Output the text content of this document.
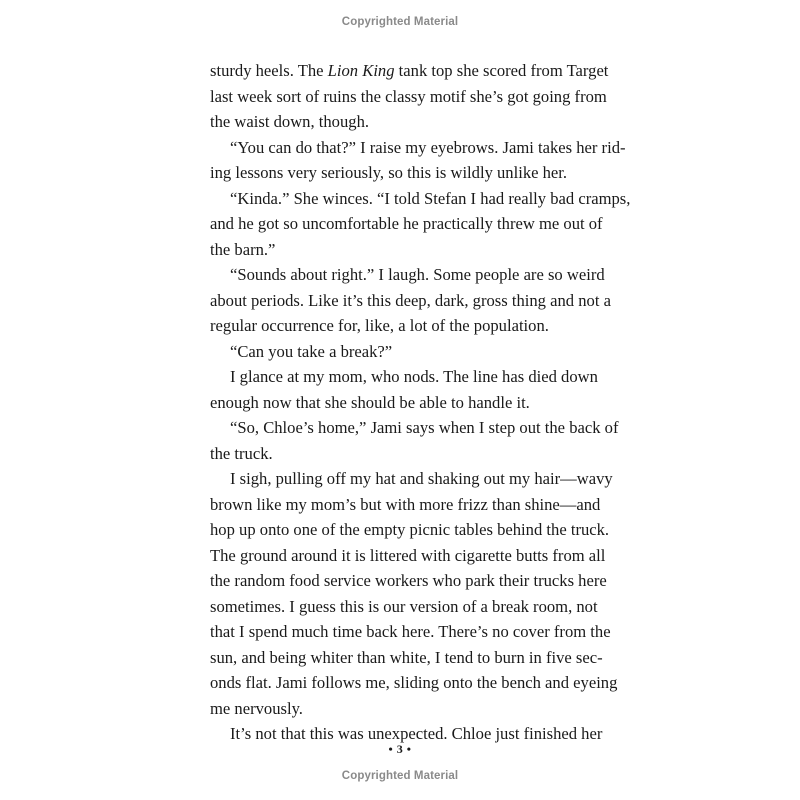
Copyrighted Material
sturdy heels. The Lion King tank top she scored from Target
last week sort of ruins the classy motif she’s got going from
the waist down, though.
“You can do that?” I raise my eyebrows. Jami takes her rid-
ing lessons very seriously, so this is wildly unlike her.
“Kinda.” She winces. “I told Stefan I had really bad cramps,
and he got so uncomfortable he practically threw me out of
the barn.”
“Sounds about right.” I laugh. Some people are so weird
about periods. Like it’s this deep, dark, gross thing and not a
regular occurrence for, like, a lot of the population.
“Can you take a break?”
I glance at my mom, who nods. The line has died down
enough now that she should be able to handle it.
“So, Chloe’s home,” Jami says when I step out the back of
the truck.
I sigh, pulling off my hat and shaking out my hair—wavy
brown like my mom’s but with more frizz than shine—and
hop up onto one of the empty picnic tables behind the truck.
The ground around it is littered with cigarette butts from all
the random food service workers who park their trucks here
sometimes. I guess this is our version of a break room, not
that I spend much time back here. There’s no cover from the
sun, and being whiter than white, I tend to burn in five sec-
onds flat. Jami follows me, sliding onto the bench and eyeing
me nervously.
It’s not that this was unexpected. Chloe just finished her
• 3 •
Copyrighted Material
